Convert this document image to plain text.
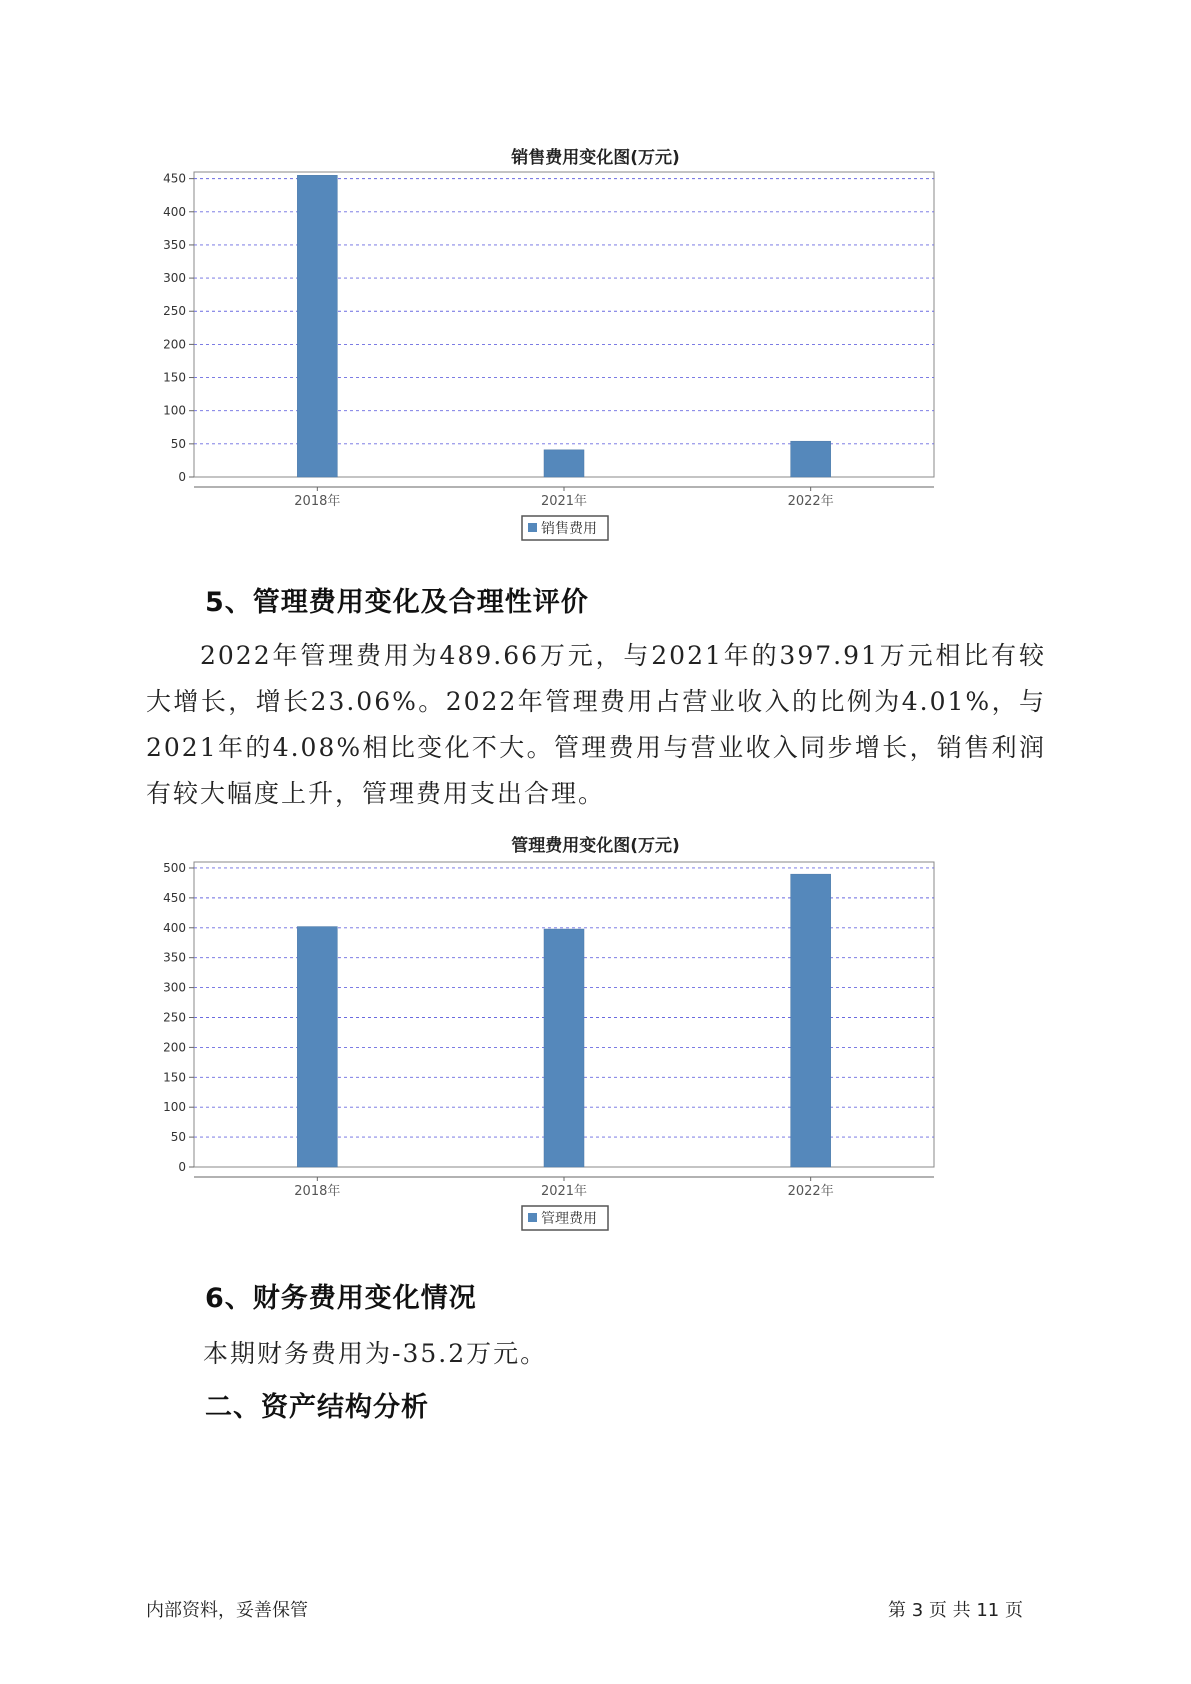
销售费用变化图(万元)
0
50
100
150
200
250
300
350
400
450
2018年	2021年	2022年
销售费用
5、管理费用变化及合理性评价
2022年管理费用为489.66万元，与2021年的397.91万元相比有较大增长，增长23.06%。2022年管理费用占营业收入的比例为4.01%，与2021年的4.08%相比变化不大。管理费用与营业收入同步增长，销售利润有较大幅度上升，管理费用支出合理。
管理费用变化图(万元)
0
50
100
150
200
250
300
350
400
450
500
2018年	2021年	2022年
管理费用
6、财务费用变化情况
本期财务费用为-35.2万元。
二、资产结构分析
内部资料，妥善保管	第 3 页 共 11 页
